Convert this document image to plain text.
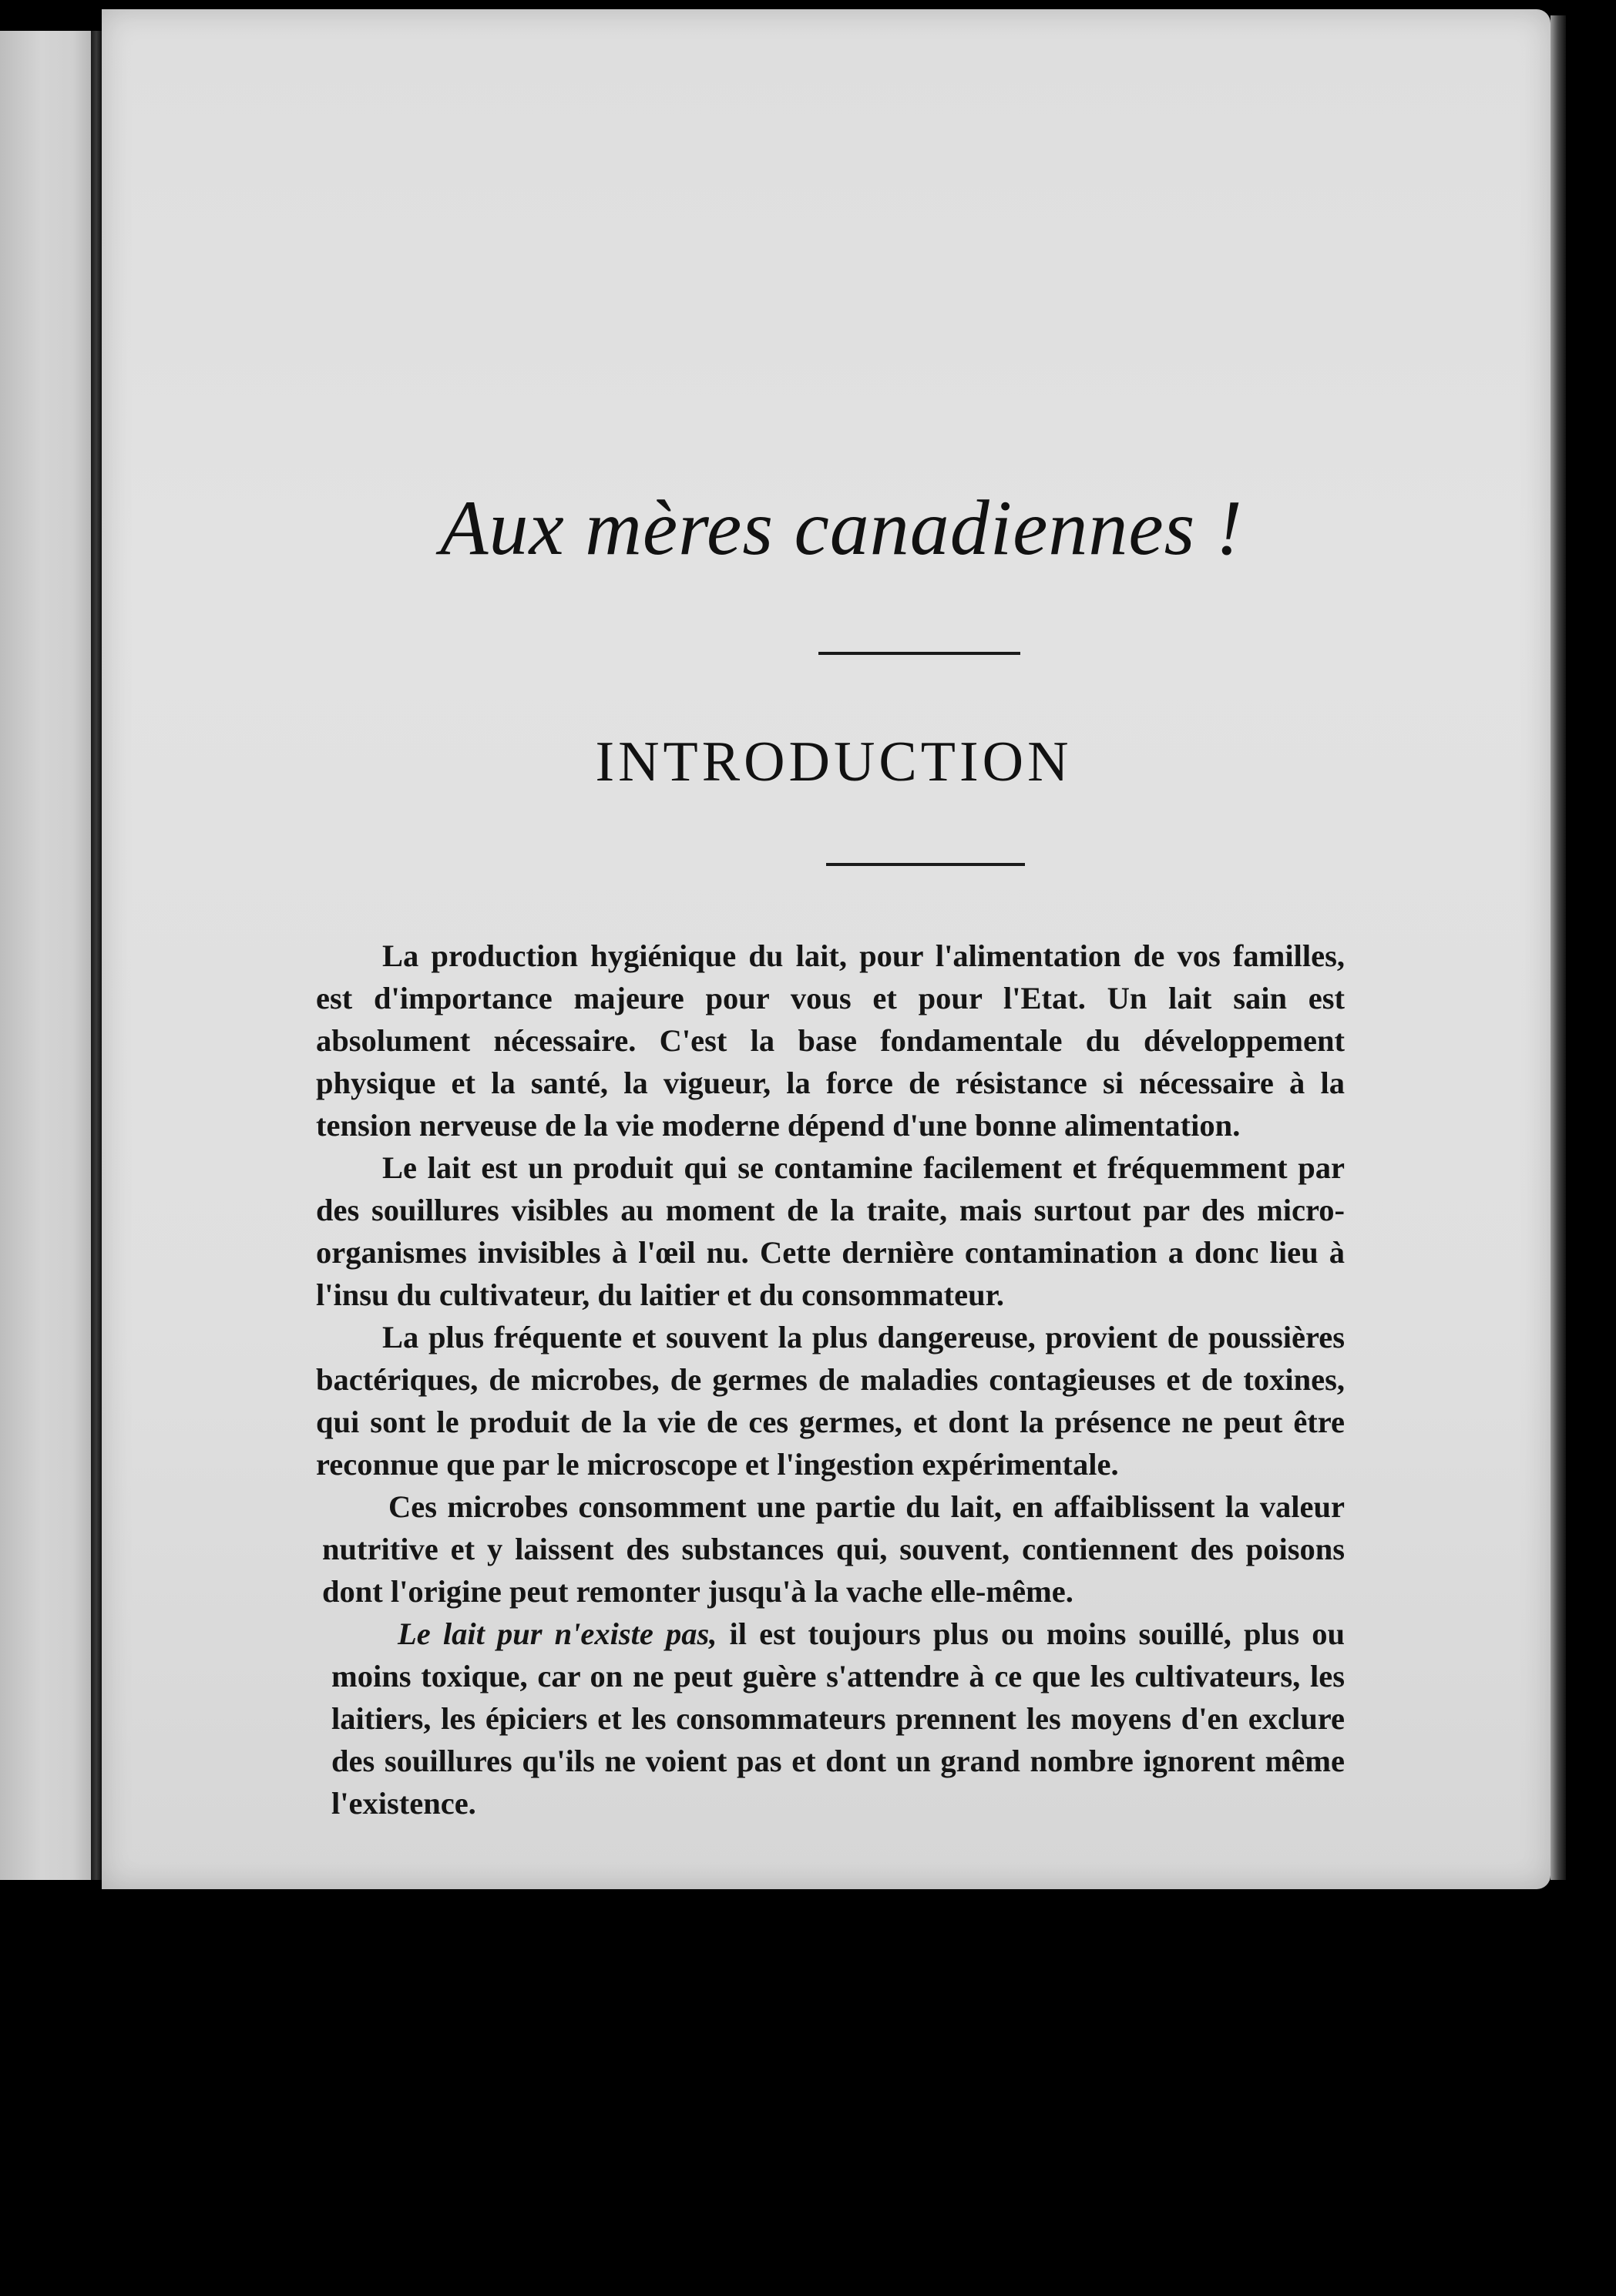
Aux mères canadiennes !
INTRODUCTION

La production hygiénique du lait, pour l'alimentation de vos familles, est d'importance majeure pour vous et pour l'Etat. Un lait sain est absolument nécessaire. C'est la base fondamentale du développement physique et la santé, la vigueur, la force de résistance si nécessaire à la tension nerveuse de la vie moderne dépend d'une bonne alimentation.

Le lait est un produit qui se contamine facilement et fréquemment par des souillures visibles au moment de la traite, mais surtout par des micro-organismes invisibles à l'œil nu. Cette dernière contamination a donc lieu à l'insu du cultivateur, du laitier et du consommateur.

La plus fréquente et souvent la plus dangereuse, provient de poussières bactériques, de microbes, de germes de maladies contagieuses et de toxines, qui sont le produit de la vie de ces germes, et dont la présence ne peut être reconnue que par le microscope et l'ingestion expérimentale.

Ces microbes consomment une partie du lait, en affaiblissent la valeur nutritive et y laissent des substances qui, souvent, contiennent des poisons dont l'origine peut remonter jusqu'à la vache elle-même.

Le lait pur n'existe pas, il est toujours plus ou moins souillé, plus ou moins toxique, car on ne peut guère s'attendre à ce que les cultivateurs, les laitiers, les épiciers et les consommateurs prennent les moyens d'en exclure des souillures qu'ils ne voient pas et dont un grand nombre ignorent même l'existence.
